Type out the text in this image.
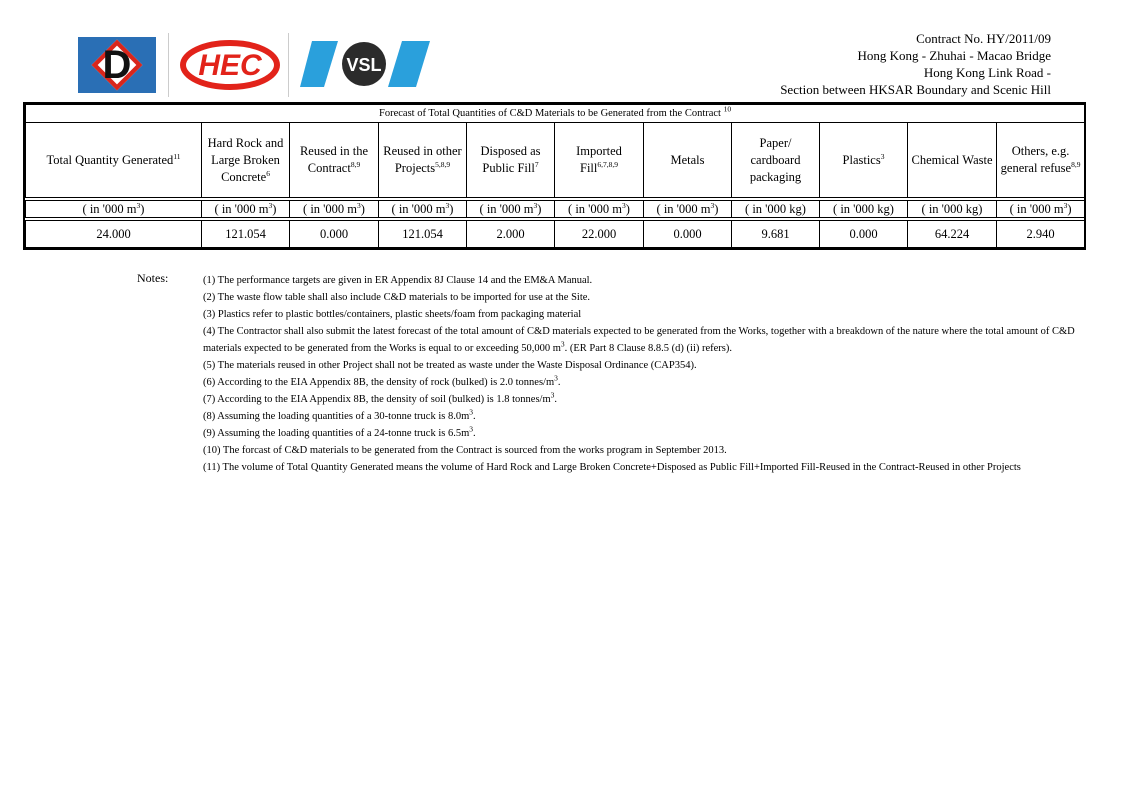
D	HEC	VSL
Contract No. HY/2011/09
Hong Kong - Zhuhai - Macao Bridge
Hong Kong Link Road -
Section between HKSAR Boundary and Scenic Hill
Forecast of Total Quantities of C&D Materials to be Generated from the Contract $^{10}$
Total Quantity Generated$^{11}$	Hard Rock and Large Broken Concrete$^6$	Reused in the Contract$^{8,9}$	Reused in other Projects$^{5,8,9}$	Disposed as Public Fill$^7$	Imported Fill$^{6,7,8,9}$	Metals	Paper/ cardboard packaging	Plastics$^3$	Chemical Waste	Others, e.g. general refuse$^{8,9}$

( in '000 $m^3$)	( in '000 $m^3$)	( in '000 $m^3$)	( in '000 $m^3$)	( in '000 $m^3$)	( in '000 $m^3$)	( in '000 $m^3$)	( in '000 kg)	( in '000 kg)	( in '000 kg)	( in '000 $m^3$)

24.000	121.054	0.000	121.054	2.000	22.000	0.000	9.681	0.000	64.224	2.940
Notes:	(1) The performance targets are given in ER Appendix 8J Clause 14 and the EM&A Manual.
(2) The waste flow table shall also include C&D materials to be imported for use at the Site.
(3) Plastics refer to plastic bottles/containers, plastic sheets/foam from packaging material
(4) The Contractor shall also submit the latest forecast of the total amount of C&D materials expected to be generated from the Works, together with a breakdown of the nature where the total amount of C&D materials expected to be generated from the Works is equal to or exceeding 50,000 $m^3$. (ER Part 8 Clause 8.8.5 (d) (ii) refers).
(5) The materials reused in other Project shall not be treated as waste under the Waste Disposal Ordinance (CAP354).
(6) According to the EIA Appendix 8B, the density of rock (bulked) is 2.0 tonnes/$m^3$.
(7) According to the EIA Appendix 8B, the density of soil (bulked) is 1.8 tonnes/$m^3$.
(8) Assuming the loading quantities of a 30-tonne truck is $8.0m^3$.
(9) Assuming the loading quantities of a 24-tonne truck is $6.5m^3$.
(10) The forcast of C&D materials to be generated from the Contract is sourced from the works program in September 2013.
(11) The volume of Total Quantity Generated means the volume of Hard Rock and Large Broken Concrete+Disposed as Public Fill+Imported Fill-Reused in the Contract-Reused in other Projects
